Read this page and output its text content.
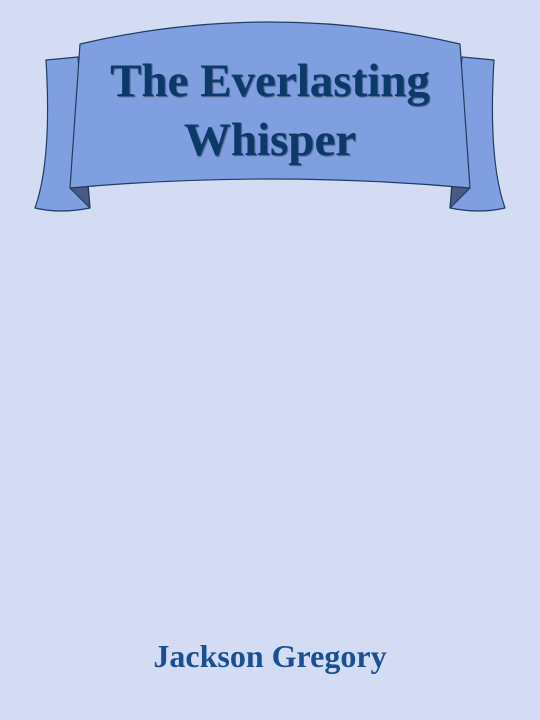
The Everlasting
Whisper

Jackson Gregory
